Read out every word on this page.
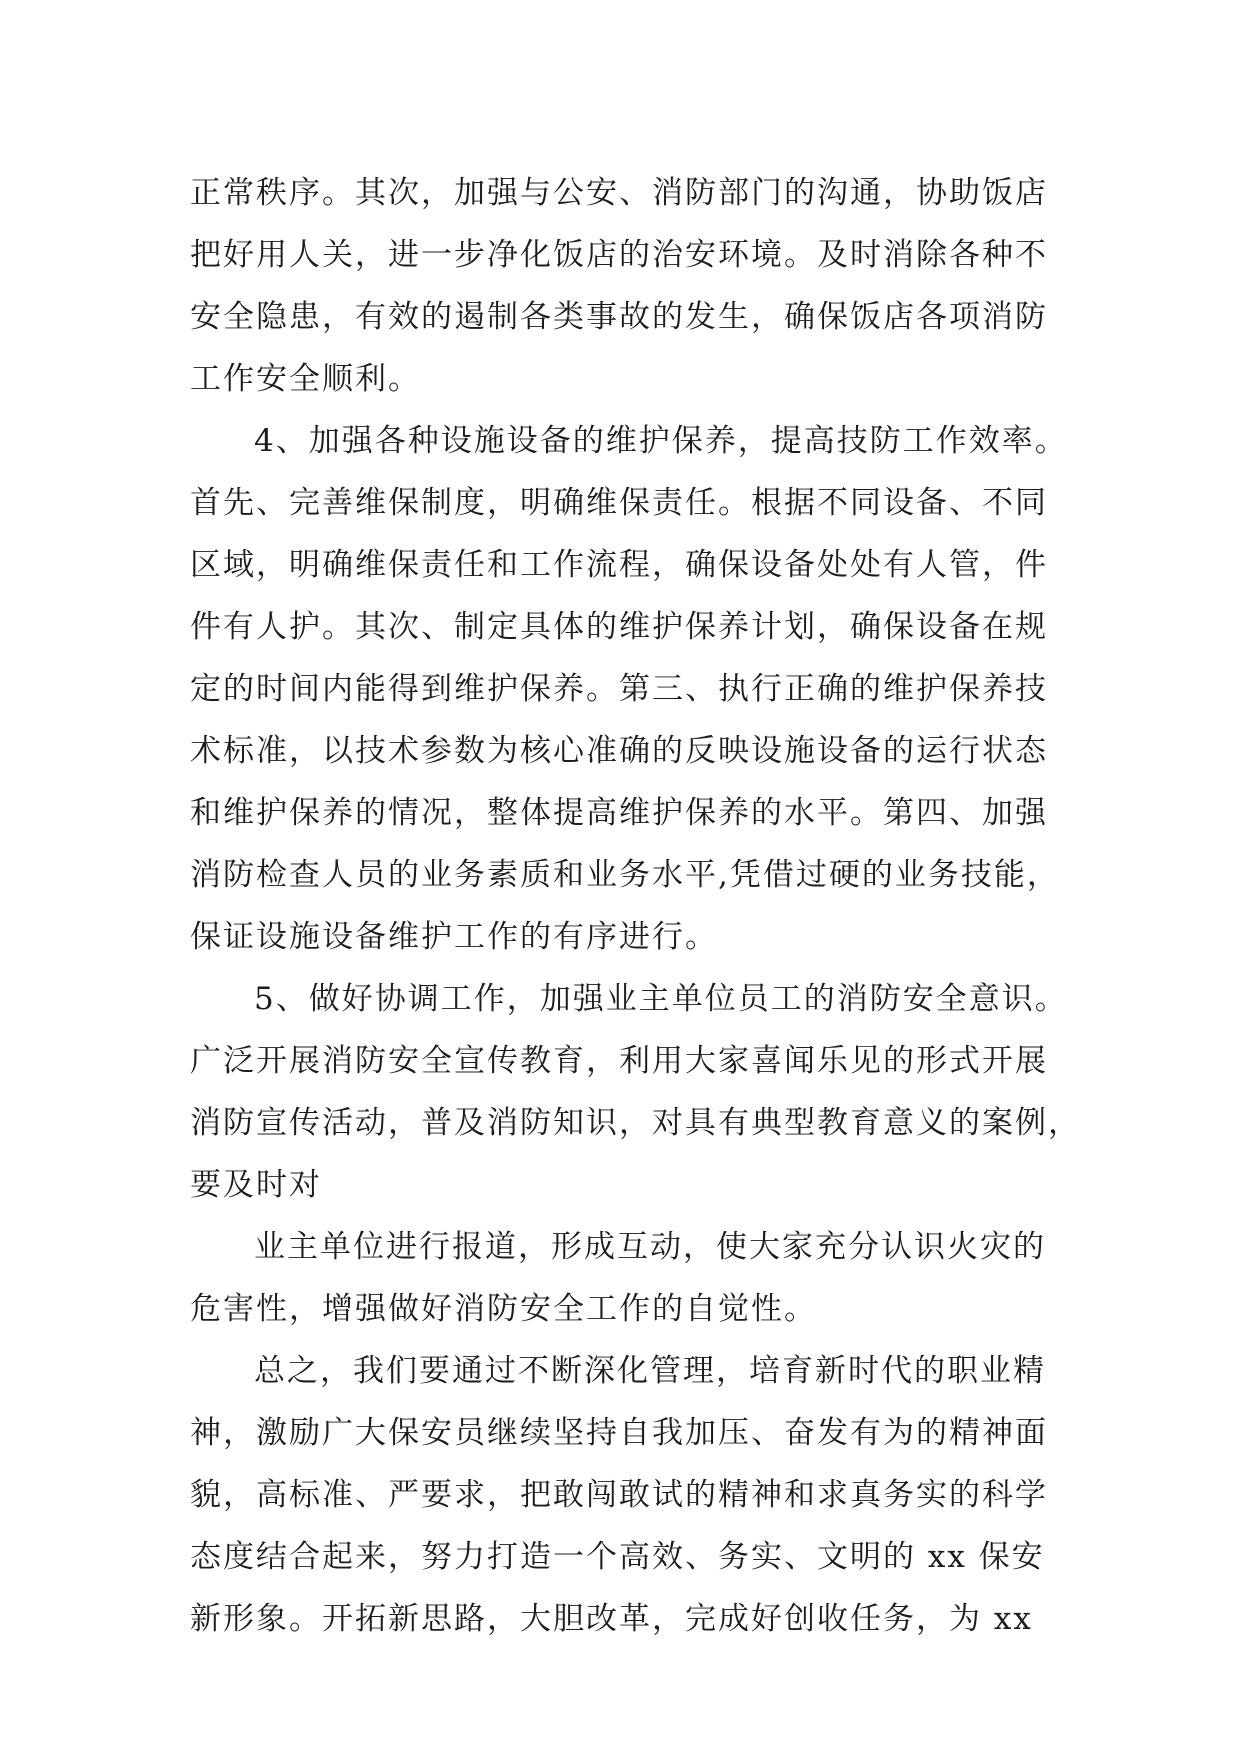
正常秩序。其次，加强与公安、消防部门的沟通，协助饭店
把好用人关，进一步净化饭店的治安环境。及时消除各种不
安全隐患，有效的遏制各类事故的发生，确保饭店各项消防
工作安全顺利。
4、加强各种设施设备的维护保养，提高技防工作效率。
首先、完善维保制度，明确维保责任。根据不同设备、不同
区域，明确维保责任和工作流程，确保设备处处有人管，件
件有人护。其次、制定具体的维护保养计划，确保设备在规
定的时间内能得到维护保养。第三、执行正确的维护保养技
术标准，以技术参数为核心准确的反映设施设备的运行状态
和维护保养的情况，整体提高维护保养的水平。第四、加强
消防检查人员的业务素质和业务水平,凭借过硬的业务技能，
保证设施设备维护工作的有序进行。
5、做好协调工作，加强业主单位员工的消防安全意识。
广泛开展消防安全宣传教育，利用大家喜闻乐见的形式开展
消防宣传活动，普及消防知识，对具有典型教育意义的案例，
要及时对
业主单位进行报道，形成互动，使大家充分认识火灾的
危害性，增强做好消防安全工作的自觉性。
总之，我们要通过不断深化管理，培育新时代的职业精
神，激励广大保安员继续坚持自我加压、奋发有为的精神面
貌，高标准、严要求，把敢闯敢试的精神和求真务实的科学
态度结合起来，努力打造一个高效、务实、文明的 xx 保安
新形象。开拓新思路，大胆改革，完成好创收任务，为 xx
